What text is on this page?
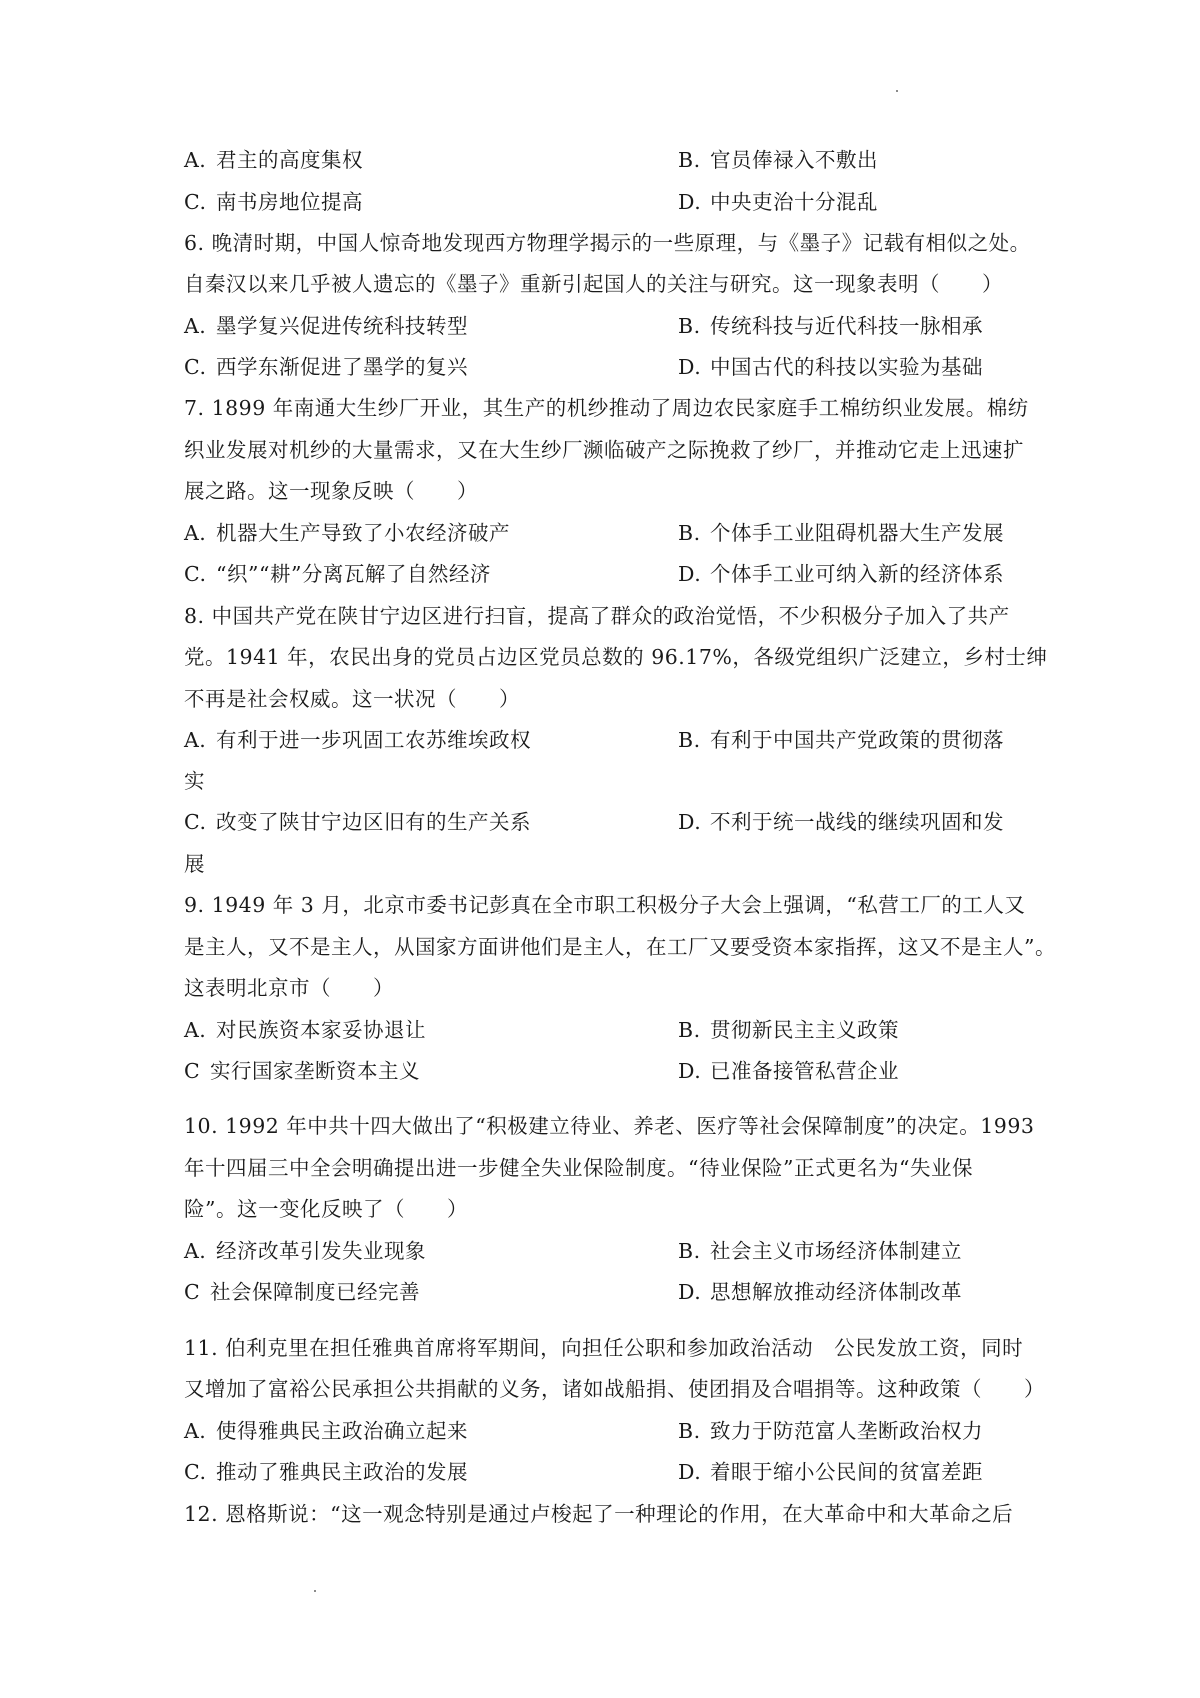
A. 君主的高度集权	B. 官员俸禄入不敷出
C. 南书房地位提高	D. 中央吏治十分混乱
6. 晚清时期，中国人惊奇地发现西方物理学揭示的一些原理，与《墨子》记载有相似之处。
自秦汉以来几乎被人遗忘的《墨子》重新引起国人的关注与研究。这一现象表明（　　）
A. 墨学复兴促进传统科技转型	B. 传统科技与近代科技一脉相承
C. 西学东渐促进了墨学的复兴	D. 中国古代的科技以实验为基础
7. 1899 年南通大生纱厂开业，其生产的机纱推动了周边农民家庭手工棉纺织业发展。棉纺
织业发展对机纱的大量需求，又在大生纱厂濒临破产之际挽救了纱厂，并推动它走上迅速扩
展之路。这一现象反映（　　）
A. 机器大生产导致了小农经济破产	B. 个体手工业阻碍机器大生产发展
C. “织”“耕”分离瓦解了自然经济	D. 个体手工业可纳入新的经济体系
8. 中国共产党在陕甘宁边区进行扫盲，提高了群众的政治觉悟，不少积极分子加入了共产
党。1941 年，农民出身的党员占边区党员总数的 96.17%，各级党组织广泛建立，乡村士绅
不再是社会权威。这一状况（　　）
A. 有利于进一步巩固工农苏维埃政权	B. 有利于中国共产党政策的贯彻落
实
C. 改变了陕甘宁边区旧有的生产关系	D. 不利于统一战线的继续巩固和发
展
9. 1949 年 3 月，北京市委书记彭真在全市职工积极分子大会上强调，“私营工厂的工人又
是主人，又不是主人，从国家方面讲他们是主人，在工厂又要受资本家指挥，这又不是主人”。
这表明北京市（　　）
A. 对民族资本家妥协退让	B. 贯彻新民主主义政策
C 实行国家垄断资本主义	D. 已准备接管私营企业
10. 1992 年中共十四大做出了“积极建立待业、养老、医疗等社会保障制度”的决定。1993
年十四届三中全会明确提出进一步健全失业保险制度。“待业保险”正式更名为“失业保
险”。这一变化反映了（　　）
A. 经济改革引发失业现象	B. 社会主义市场经济体制建立
C 社会保障制度已经完善	D. 思想解放推动经济体制改革
11. 伯利克里在担任雅典首席将军期间，向担任公职和参加政治活动　公民发放工资，同时
又增加了富裕公民承担公共捐献的义务，诸如战船捐、使团捐及合唱捐等。这种政策（　　）
A. 使得雅典民主政治确立起来	B. 致力于防范富人垄断政治权力
C. 推动了雅典民主政治的发展	D. 着眼于缩小公民间的贫富差距
12. 恩格斯说：“这一观念特别是通过卢梭起了一种理论的作用，在大革命中和大革命之后
